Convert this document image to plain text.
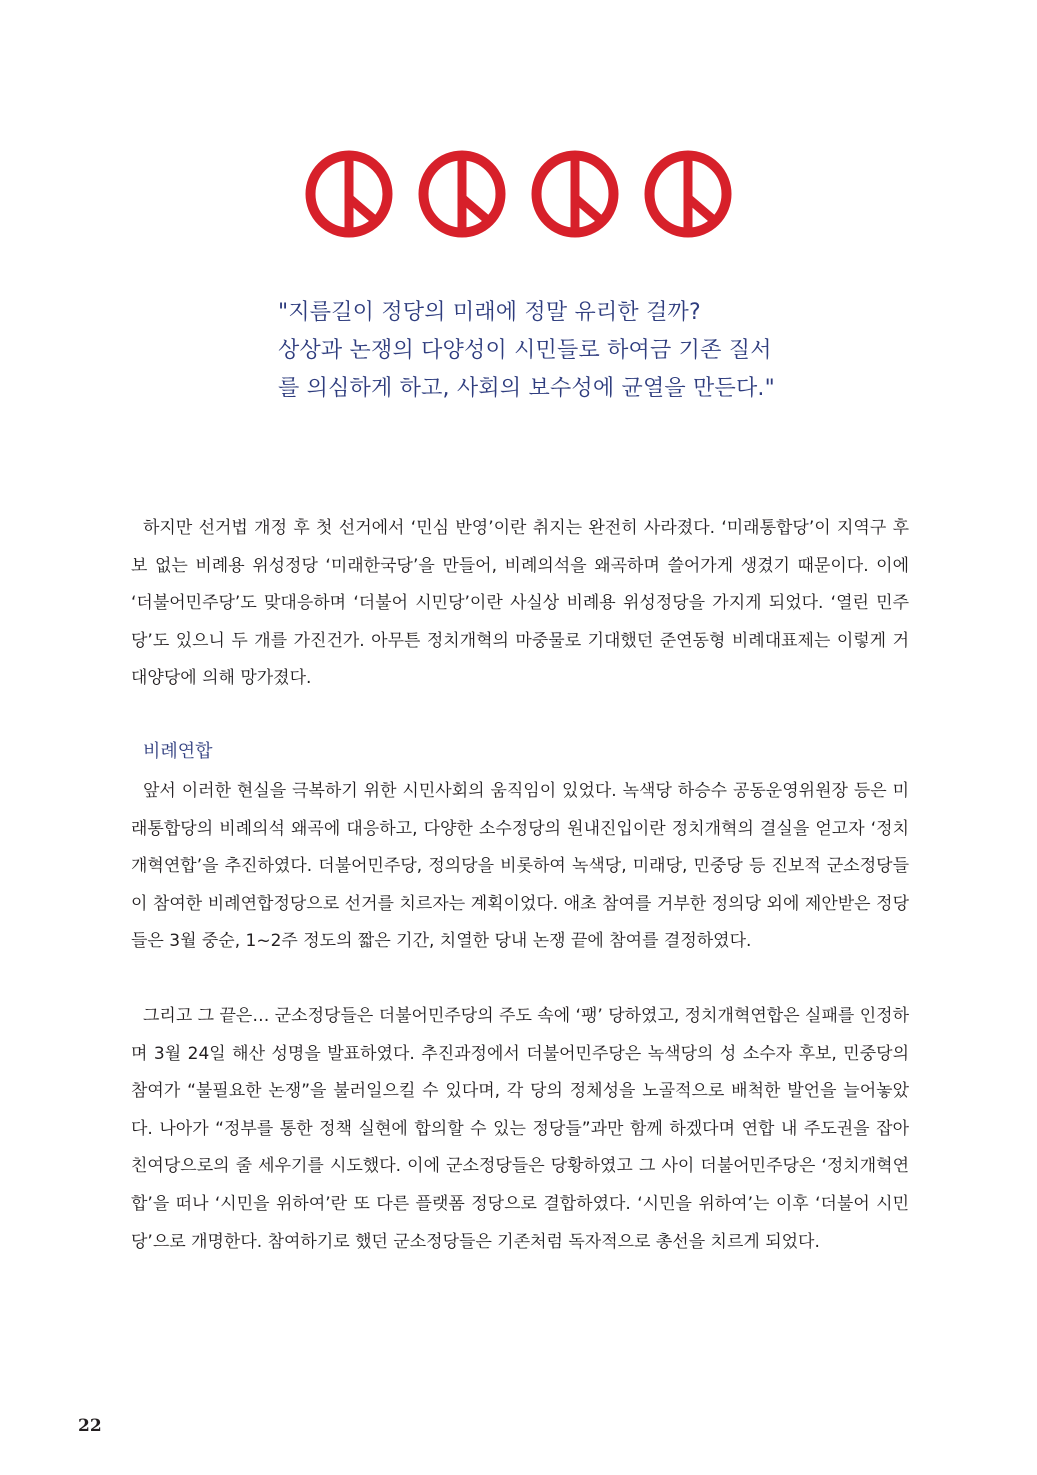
"지름길이 정당의 미래에 정말 유리한 걸까?
상상과 논쟁의 다양성이 시민들로 하여금 기존 질서
를 의심하게 하고, 사회의 보수성에 균열을 만든다."

하지만 선거법 개정 후 첫 선거에서 ‘민심 반영’이란 취지는 완전히 사라졌다. ‘미래통합당’이 지역구 후보 없는 비례용 위성정당 ‘미래한국당’을 만들어, 비례의석을 왜곡하며 쓸어가게 생겼기 때문이다. 이에 ‘더불어민주당’도 맞대응하며 ‘더불어 시민당’이란 사실상 비례용 위성정당을 가지게 되었다. ‘열린 민주당’도 있으니 두 개를 가진건가. 아무튼 정치개혁의 마중물로 기대했던 준연동형 비례대표제는 이렇게 거대양당에 의해 망가졌다.

비례연합

앞서 이러한 현실을 극복하기 위한 시민사회의 움직임이 있었다. 녹색당 하승수 공동운영위원장 등은 미래통합당의 비례의석 왜곡에 대응하고, 다양한 소수정당의 원내진입이란 정치개혁의 결실을 얻고자 ‘정치개혁연합’을 추진하였다. 더불어민주당, 정의당을 비롯하여 녹색당, 미래당, 민중당 등 진보적 군소정당들이 참여한 비례연합정당으로 선거를 치르자는 계획이었다. 애초 참여를 거부한 정의당 외에 제안받은 정당들은 3월 중순, 1~2주 정도의 짧은 기간, 치열한 당내 논쟁 끝에 참여를 결정하였다.

그리고 그 끝은… 군소정당들은 더불어민주당의 주도 속에 ‘팽’ 당하였고, 정치개혁연합은 실패를 인정하며 3월 24일 해산 성명을 발표하였다. 추진과정에서 더불어민주당은 녹색당의 성 소수자 후보, 민중당의 참여가 “불필요한 논쟁”을 불러일으킬 수 있다며, 각 당의 정체성을 노골적으로 배척한 발언을 늘어놓았다. 나아가 “정부를 통한 정책 실현에 합의할 수 있는 정당들”과만 함께 하겠다며 연합 내 주도권을 잡아 친여당으로의 줄 세우기를 시도했다. 이에 군소정당들은 당황하였고 그 사이 더불어민주당은 ‘정치개혁연합’을 떠나 ‘시민을 위하여’란 또 다른 플랫폼 정당으로 결합하였다. ‘시민을 위하여’는 이후 ‘더불어 시민당’으로 개명한다. 참여하기로 했던 군소정당들은 기존처럼 독자적으로 총선을 치르게 되었다.

22
